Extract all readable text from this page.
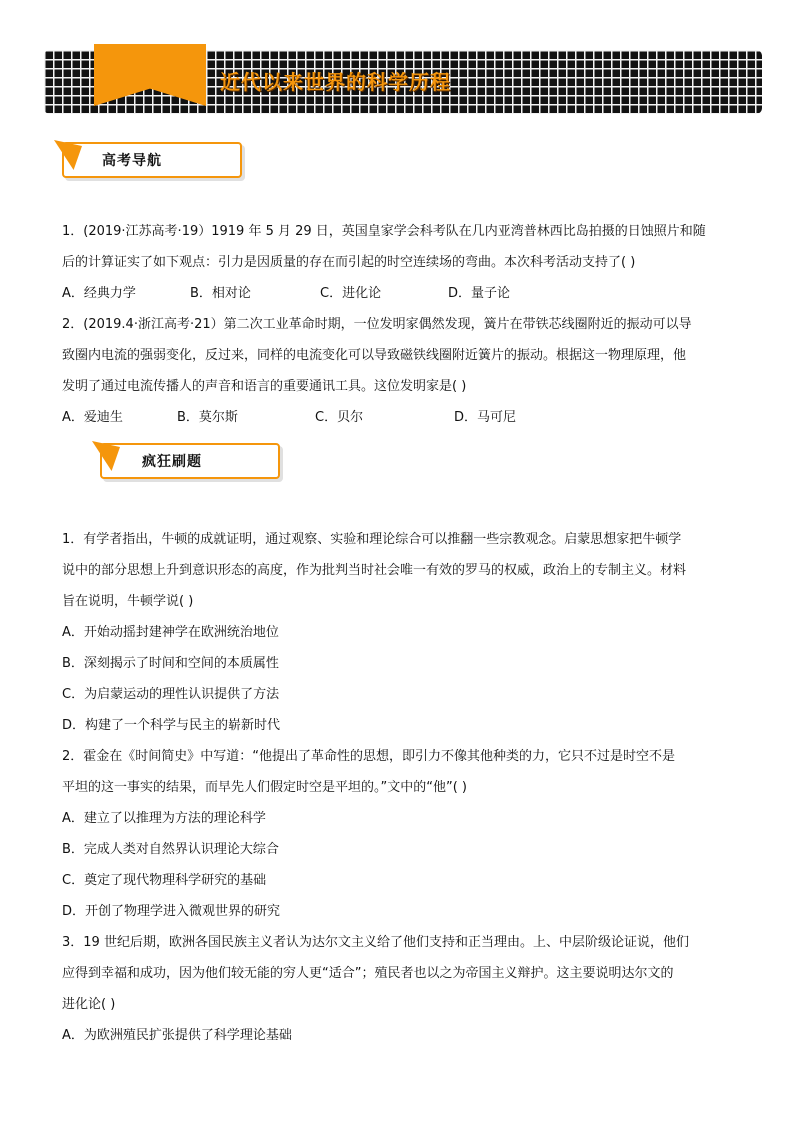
近代以来世界的科学历程
高考导航
1．(2019·江苏高考·19）1919 年 5 月 29 日，英国皇家学会科考队在几内亚湾普林西比岛拍摄的日蚀照片和随
后的计算证实了如下观点：引力是因质量的存在而引起的时空连续场的弯曲。本次科考活动支持了( )
A．经典力学	B．相对论	C．进化论	D．量子论
2．(2019.4·浙江高考·21）第二次工业革命时期，一位发明家偶然发现，簧片在带铁芯线圈附近的振动可以导
致圈内电流的强弱变化，反过来，同样的电流变化可以导致磁铁线圈附近簧片的振动。根据这一物理原理，他
发明了通过电流传播人的声音和语言的重要通讯工具。这位发明家是( )
A．爱迪生	B．莫尔斯	C．贝尔	D．马可尼
疯狂刷题
1．有学者指出，牛顿的成就证明，通过观察、实验和理论综合可以推翻一些宗教观念。启蒙思想家把牛顿学
说中的部分思想上升到意识形态的高度，作为批判当时社会唯一有效的罗马的权威，政治上的专制主义。材料
旨在说明，牛顿学说( )
A．开始动摇封建神学在欧洲统治地位
B．深刻揭示了时间和空间的本质属性
C．为启蒙运动的理性认识提供了方法
D．构建了一个科学与民主的崭新时代
2．霍金在《时间简史》中写道：“他提出了革命性的思想，即引力不像其他种类的力，它只不过是时空不是
平坦的这一事实的结果，而早先人们假定时空是平坦的。”文中的“他”( )
A．建立了以推理为方法的理论科学
B．完成人类对自然界认识理论大综合
C．奠定了现代物理科学研究的基础
D．开创了物理学进入微观世界的研究
3．19 世纪后期，欧洲各国民族主义者认为达尔文主义给了他们支持和正当理由。上、中层阶级论证说，他们
应得到幸福和成功，因为他们较无能的穷人更“适合”；殖民者也以之为帝国主义辩护。这主要说明达尔文的
进化论( )
A．为欧洲殖民扩张提供了科学理论基础
